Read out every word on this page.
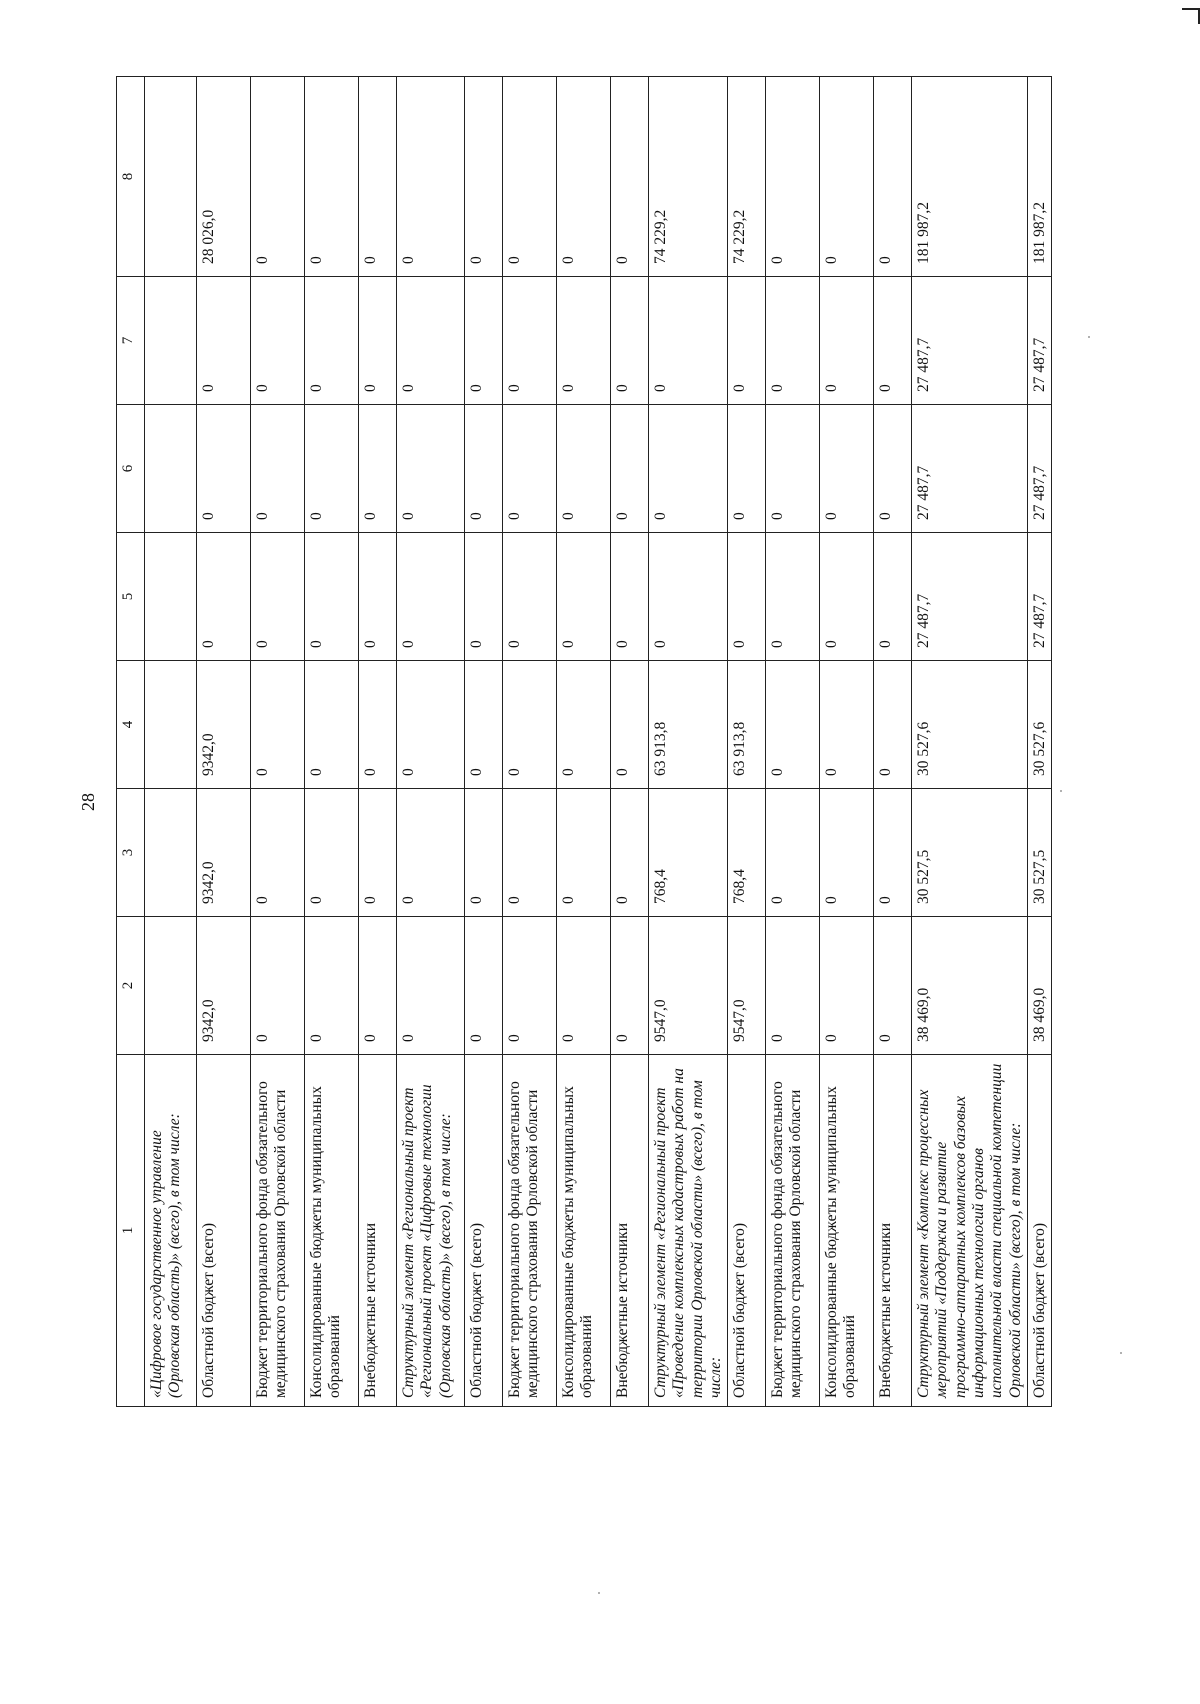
28
1	2	3	4	5	6	7	8
«Цифровое государственное управление (Орловская область)» (всего), в том числе:							
Областной бюджет (всего)	9342,0	9342,0	9342,0	0	0	0	28 026,0
Бюджет территориального фонда обязательного медицинского страхования Орловской области	0	0	0	0	0	0	0
Консолидированные бюджеты муниципальных образований	0	0	0	0	0	0	0
Внебюджетные источники	0	0	0	0	0	0	0
Структурный элемент «Региональный проект «Региональный проект «Цифровые технологии (Орловская область)» (всего), в том числе:	0	0	0	0	0	0	0
Областной бюджет (всего)	0	0	0	0	0	0	0
Бюджет территориального фонда обязательного медицинского страхования Орловской области	0	0	0	0	0	0	0
Консолидированные бюджеты муниципальных образований	0	0	0	0	0	0	0
Внебюджетные источники	0	0	0	0	0	0	0
Структурный элемент «Региональный проект «Проведение комплексных кадастровых работ на территории Орловской области» (всего), в том числе:	9547,0	768,4	63 913,8	0	0	0	74 229,2
Областной бюджет (всего)	9547,0	768,4	63 913,8	0	0	0	74 229,2
Бюджет территориального фонда обязательного медицинского страхования Орловской области	0	0	0	0	0	0	0
Консолидированные бюджеты муниципальных образований	0	0	0	0	0	0	0
Внебюджетные источники	0	0	0	0	0	0	0
Структурный элемент «Комплекс процессных мероприятий «Поддержка и развитие программно-аппаратных комплексов базовых информационных технологий органов исполнительной власти специальной компетенции Орловской области» (всего), в том числе:	38 469,0	30 527,5	30 527,6	27 487,7	27 487,7	27 487,7	181 987,2
Областной бюджет (всего)	38 469,0	30 527,5	30 527,6	27 487,7	27 487,7	27 487,7	181 987,2
